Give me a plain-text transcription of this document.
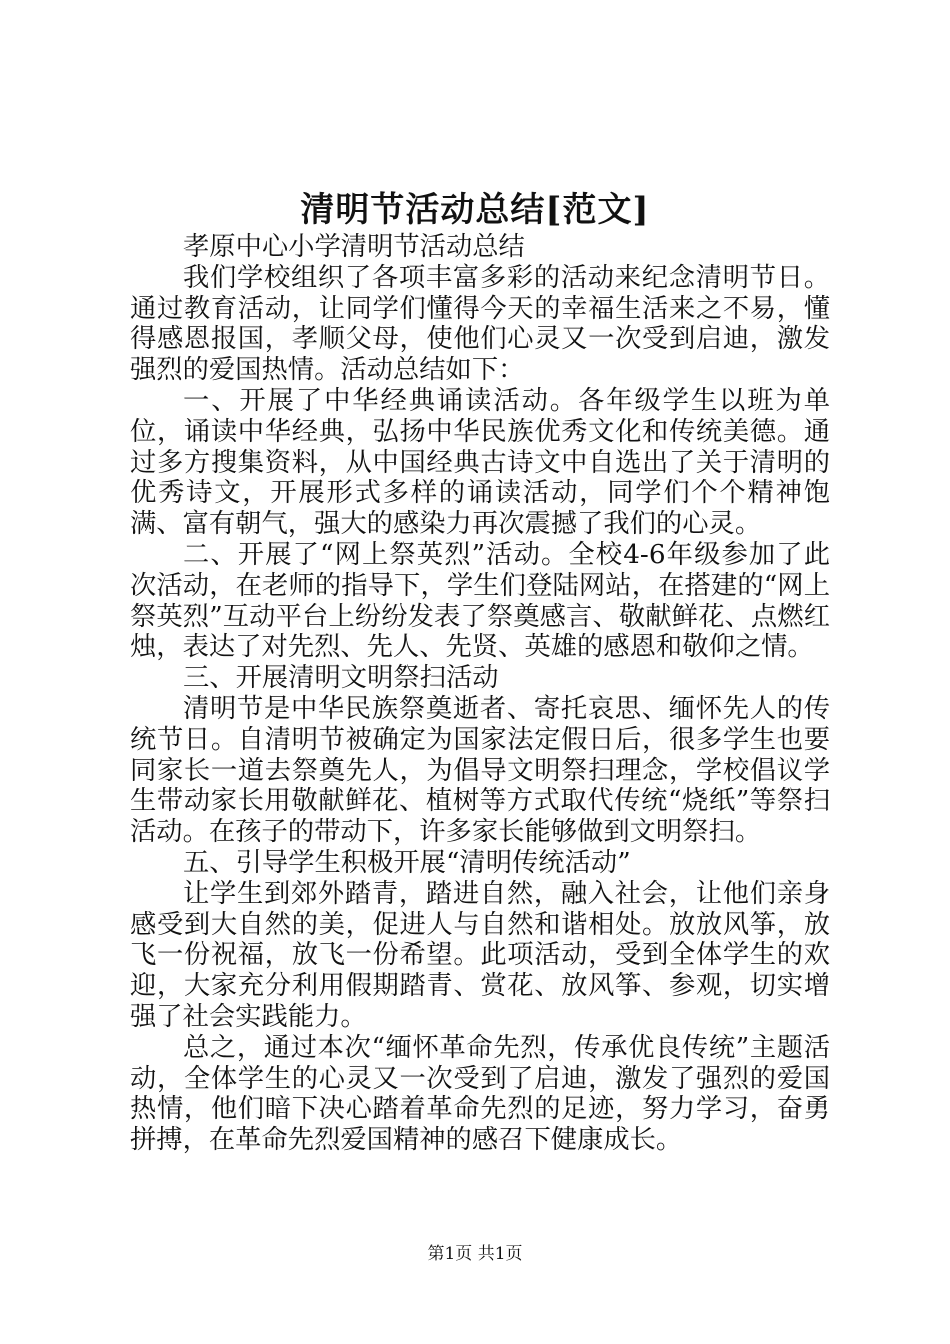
清明节活动总结[范文]

孝原中心小学清明节活动总结

我们学校组织了各项丰富多彩的活动来纪念清明节日。通过教育活动，让同学们懂得今天的幸福生活来之不易，懂得感恩报国，孝顺父母，使他们心灵又一次受到启迪，激发强烈的爱国热情。活动总结如下：

一、开展了中华经典诵读活动。各年级学生以班为单位，诵读中华经典，弘扬中华民族优秀文化和传统美德。通过多方搜集资料，从中国经典古诗文中自选出了关于清明的优秀诗文，开展形式多样的诵读活动，同学们个个精神饱满、富有朝气，强大的感染力再次震撼了我们的心灵。

二、开展了“网上祭英烈”活动。全校4-6年级参加了此次活动，在老师的指导下，学生们登陆网站，在搭建的“网上祭英烈”互动平台上纷纷发表了祭奠感言、敬献鲜花、点燃红烛，表达了对先烈、先人、先贤、英雄的感恩和敬仰之情。

三、开展清明文明祭扫活动

清明节是中华民族祭奠逝者、寄托哀思、缅怀先人的传统节日。自清明节被确定为国家法定假日后，很多学生也要同家长一道去祭奠先人，为倡导文明祭扫理念，学校倡议学生带动家长用敬献鲜花、植树等方式取代传统“烧纸”等祭扫活动。在孩子的带动下，许多家长能够做到文明祭扫。

五、引导学生积极开展“清明传统活动”

让学生到郊外踏青，踏进自然，融入社会，让他们亲身感受到大自然的美，促进人与自然和谐相处。放放风筝，放飞一份祝福，放飞一份希望。此项活动，受到全体学生的欢迎，大家充分利用假期踏青、赏花、放风筝、参观，切实增强了社会实践能力。

总之，通过本次“缅怀革命先烈，传承优良传统”主题活动，全体学生的心灵又一次受到了启迪，激发了强烈的爱国热情，他们暗下决心踏着革命先烈的足迹，努力学习，奋勇拼搏，在革命先烈爱国精神的感召下健康成长。

第1页 共1页
